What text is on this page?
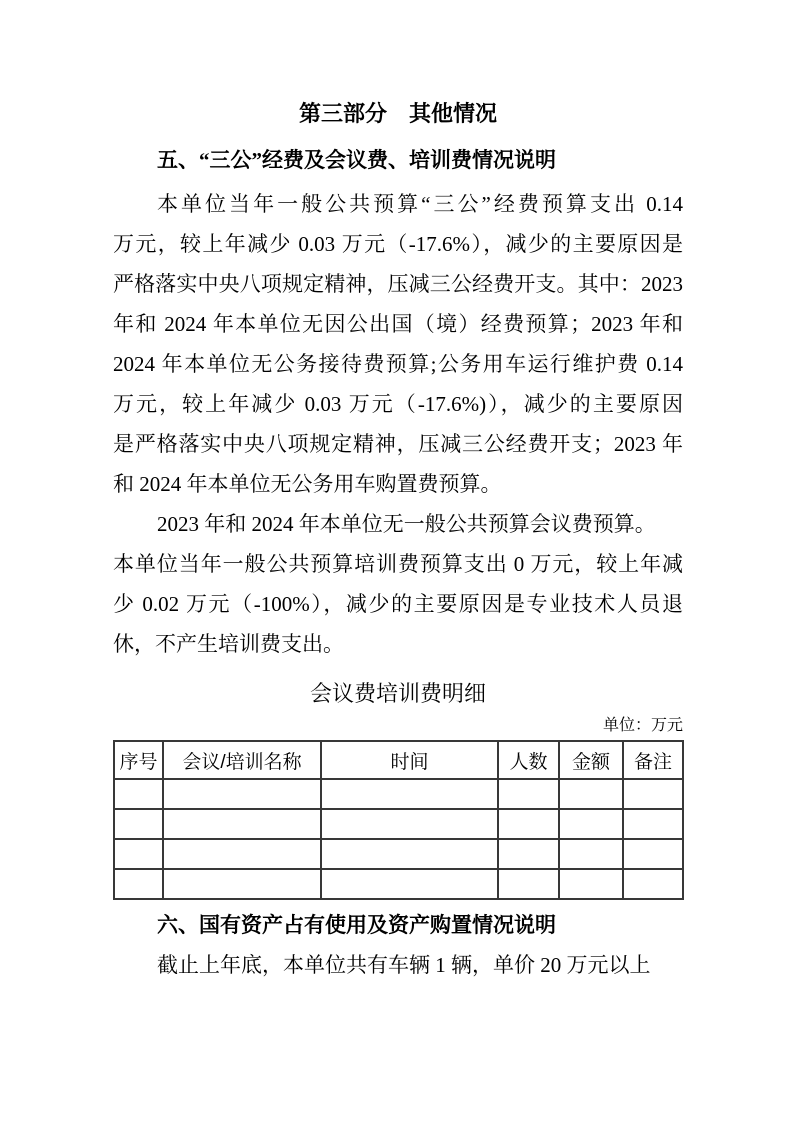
第三部分　其他情况
五、“三公”经费及会议费、培训费情况说明
本单位当年一般公共预算“三公”经费预算支出 0.14
万元，较上年减少 0.03 万元（-17.6%），减少的主要原因是
严格落实中央八项规定精神，压减三公经费开支。其中：2023
年和 2024 年本单位无因公出国（境）经费预算；2023 年和
2024 年本单位无公务接待费预算;公务用车运行维护费 0.14
万元，较上年减少 0.03 万元（-17.6%)），减少的主要原因
是严格落实中央八项规定精神，压减三公经费开支；2023 年
和 2024 年本单位无公务用车购置费预算。
2023 年和 2024 年本单位无一般公共预算会议费预算。
本单位当年一般公共预算培训费预算支出 0 万元，较上年减
少 0.02 万元（-100%），减少的主要原因是专业技术人员退
休，不产生培训费支出。
会议费培训费明细
单位：万元
序号	会议/培训名称	时间	人数	金额	备注

六、国有资产占有使用及资产购置情况说明
截止上年底，本单位共有车辆 1 辆，单价 20 万元以上
